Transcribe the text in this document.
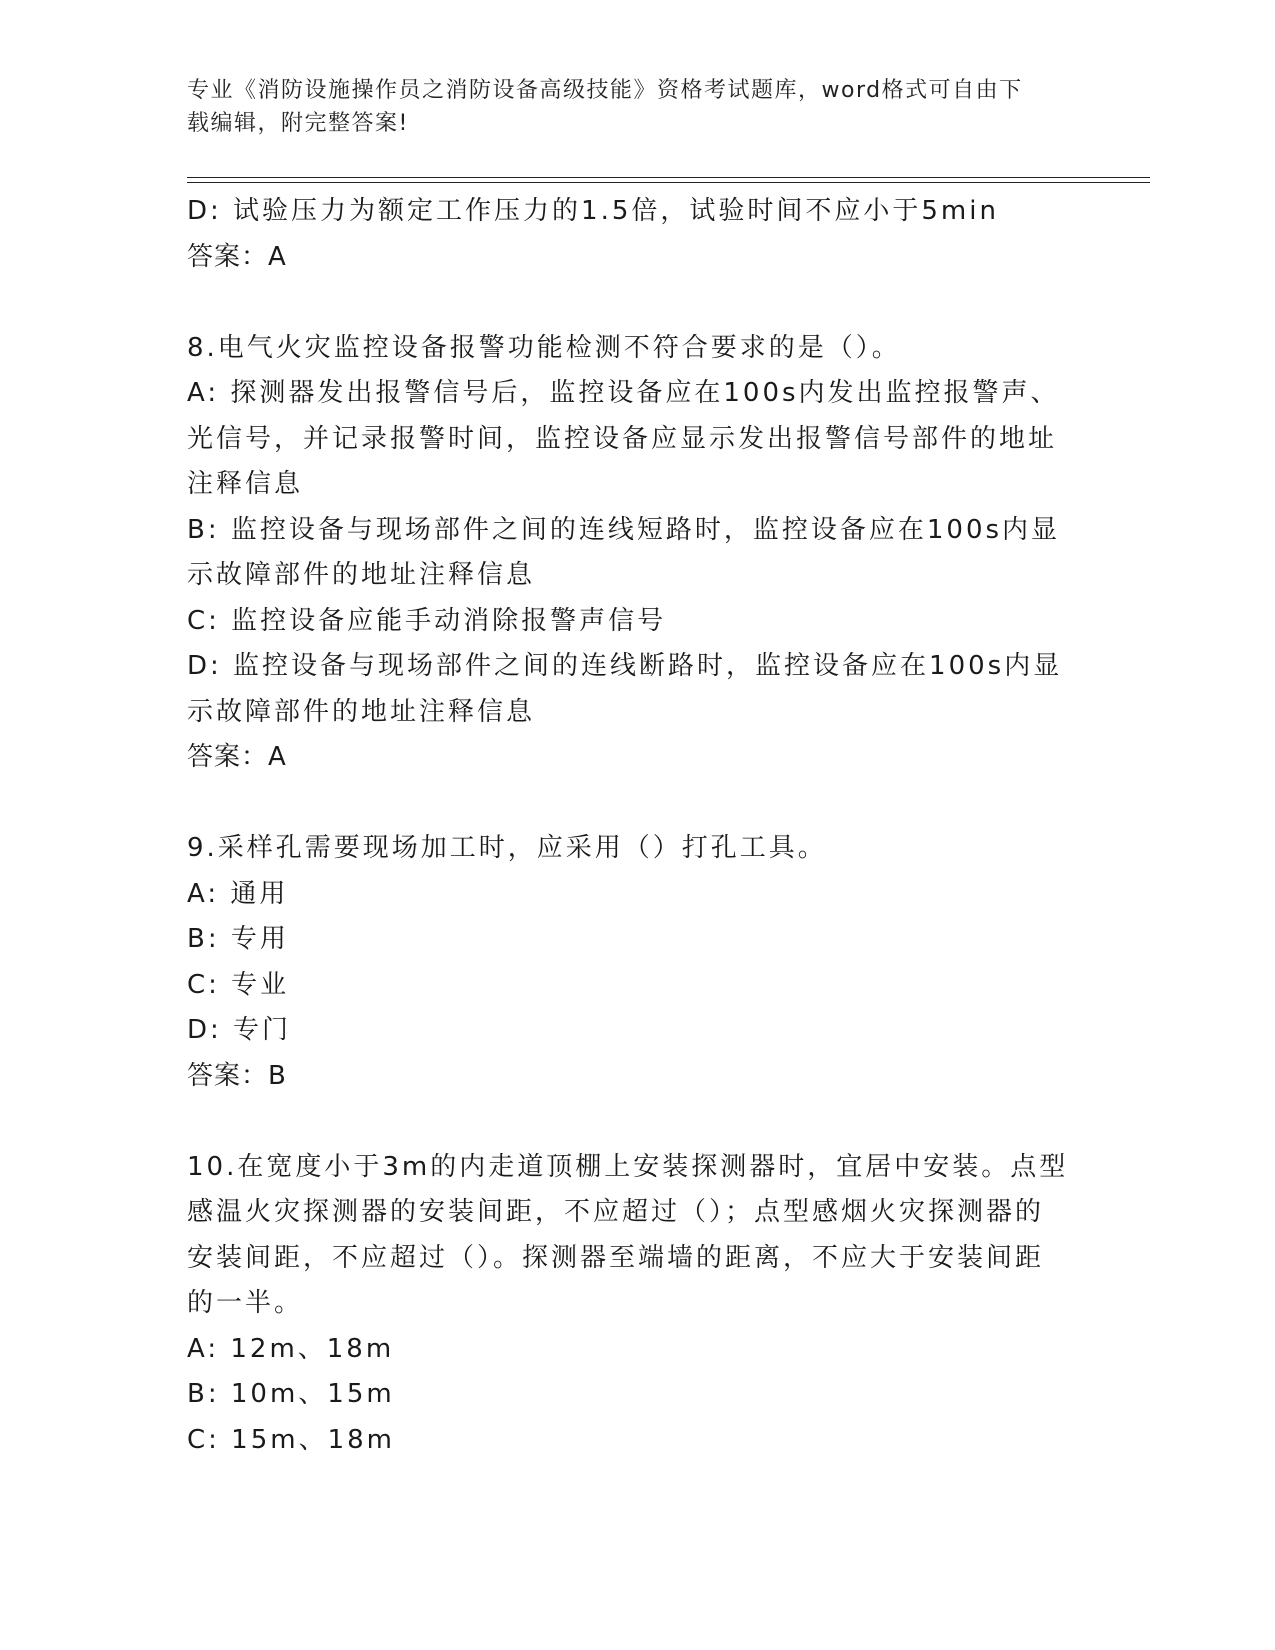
专业《消防设施操作员之消防设备高级技能》资格考试题库，word格式可自由下
载编辑，附完整答案!
D: 试验压力为额定工作压力的1.5倍，试验时间不应小于5min
答案：A
8.电气火灾监控设备报警功能检测不符合要求的是（）。
A: 探测器发出报警信号后，监控设备应在100s内发出监控报警声、
光信号，并记录报警时间，监控设备应显示发出报警信号部件的地址
注释信息
B: 监控设备与现场部件之间的连线短路时，监控设备应在100s内显
示故障部件的地址注释信息
C: 监控设备应能手动消除报警声信号
D: 监控设备与现场部件之间的连线断路时，监控设备应在100s内显
示故障部件的地址注释信息
答案：A
9.采样孔需要现场加工时，应采用（）打孔工具。
A: 通用
B: 专用
C: 专业
D: 专门
答案：B
10.在宽度小于3m的内走道顶棚上安装探测器时，宜居中安装。点型
感温火灾探测器的安装间距，不应超过（）；点型感烟火灾探测器的
安装间距，不应超过（）。探测器至端墙的距离，不应大于安装间距
的一半。
A: 12m、18m
B: 10m、15m
C: 15m、18m
